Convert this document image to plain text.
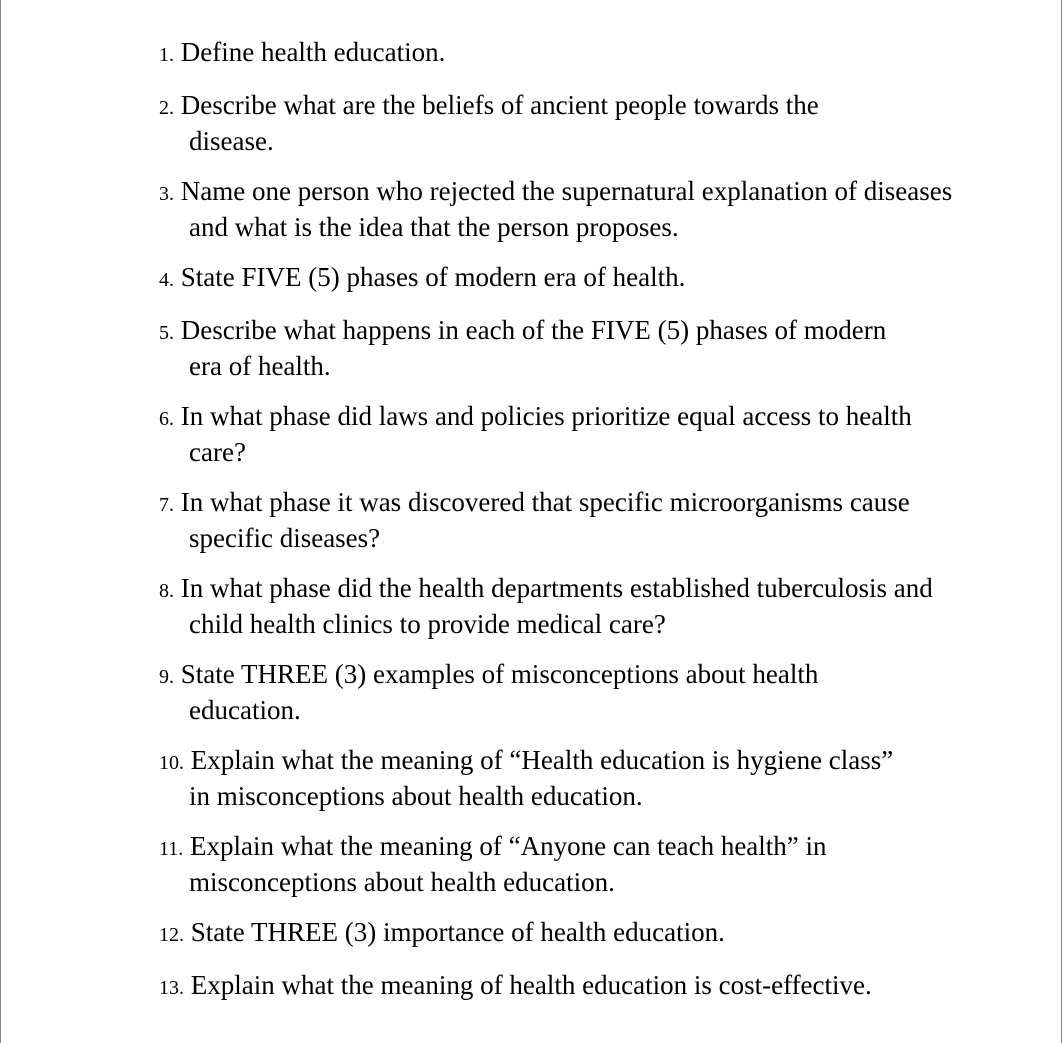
1. Define health education.
2. Describe what are the beliefs of ancient people towards the disease.
3. Name one person who rejected the supernatural explanation of diseases and what is the idea that the person proposes.
4. State FIVE (5) phases of modern era of health.
5. Describe what happens in each of the FIVE (5) phases of modern era of health.
6. In what phase did laws and policies prioritize equal access to health care?
7. In what phase it was discovered that specific microorganisms cause specific diseases?
8. In what phase did the health departments established tuberculosis and child health clinics to provide medical care?
9. State THREE (3) examples of misconceptions about health education.
10. Explain what the meaning of “Health education is hygiene class” in misconceptions about health education.
11. Explain what the meaning of “Anyone can teach health” in misconceptions about health education.
12. State THREE (3) importance of health education.
13. Explain what the meaning of health education is cost-effective.
